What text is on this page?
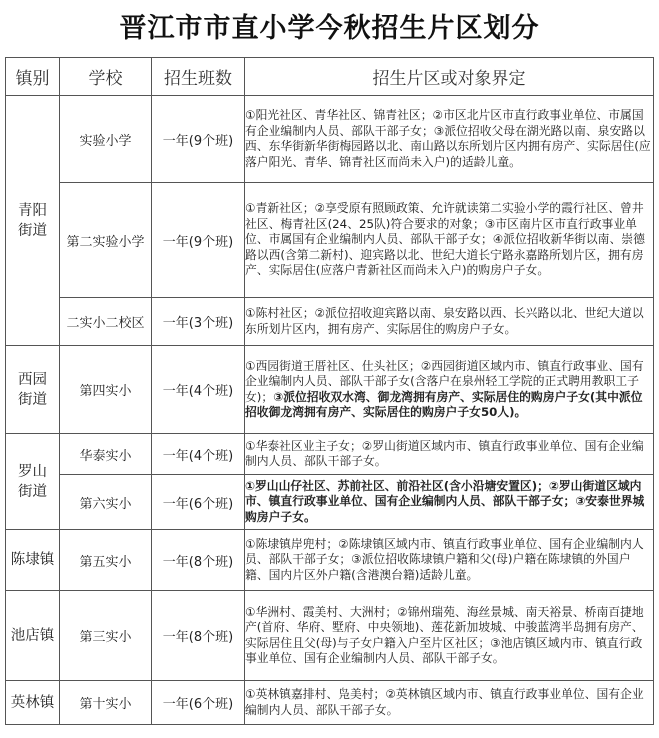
晋江市市直小学今秋招生片区划分
镇别	学校	招生班数	招生片区或对象界定
青阳街道	实验小学	一年(9个班)	①阳光社区、青华社区、锦青社区；②市区北片区市直行政事业单位、市属国有企业编制内人员、部队干部子女；③派位招收父母在湖光路以南、泉安路以西、东华街新华街梅园路以北、南山路以东所划片区内拥有房产、实际居住(应落户阳光、青华、锦青社区而尚未入户)的适龄儿童。
	第二实验小学	一年(9个班)	①青新社区；②享受原有照顾政策、允许就读第二实验小学的霞行社区、曾井社区、梅青社区(24、25队)符合要求的对象；③市区南片区市直行政事业单位、市属国有企业编制内人员、部队干部子女；④派位招收新华街以南、崇德路以西(含第二新村)、迎宾路以北、世纪大道长宁路永嘉路所划片区，拥有房产、实际居住(应落户青新社区而尚未入户)的购房户子女。
	二实小二校区	一年(3个班)	①陈村社区；②派位招收迎宾路以南、泉安路以西、长兴路以北、世纪大道以东所划片区内，拥有房产、实际居住的购房户子女。
西园街道	第四实小	一年(4个班)	①西园街道王厝社区、仕头社区；②西园街道区域内市、镇直行政事业、国有企业编制内人员、部队干部子女(含落户在泉州轻工学院的正式聘用教职工子女)；③派位招收双水湾、御龙湾拥有房产、实际居住的购房户子女(其中派位招收御龙湾拥有房产、实际居住的购房户子女50人)。
罗山街道	华泰实小	一年(4个班)	①华泰社区业主子女；②罗山街道区域内市、镇直行政事业单位、国有企业编制内人员、部队干部子女。
	第六实小	一年(6个班)	①罗山山仔社区、苏前社区、前沿社区(含小沿塘安置区)；②罗山街道区域内市、镇直行政事业单位、国有企业编制内人员、部队干部子女；③安泰世界城购房户子女。
陈埭镇	第五实小	一年(8个班)	①陈埭镇岸兜村；②陈埭镇区域内市、镇直行政事业单位、国有企业编制内人员、部队干部子女；③派位招收陈埭镇户籍和父(母)户籍在陈埭镇的外国户籍、国内片区外户籍(含港澳台籍)适龄儿童。
池店镇	第三实小	一年(8个班)	①华洲村、霞美村、大洲村；②锦州瑞苑、海丝景城、南天裕景、桥南百捷地产(首府、华府、墅府、中央领地)、莲花新加坡城、中骏蓝湾半岛拥有房产、实际居住且父(母)与子女户籍入户至片区社区；③池店镇区域内市、镇直行政事业单位、国有企业编制内人员、部队干部子女。
英林镇	第十实小	一年(6个班)	①英林镇嘉排村、凫美村；②英林镇区域内市、镇直行政事业单位、国有企业编制内人员、部队干部子女。
